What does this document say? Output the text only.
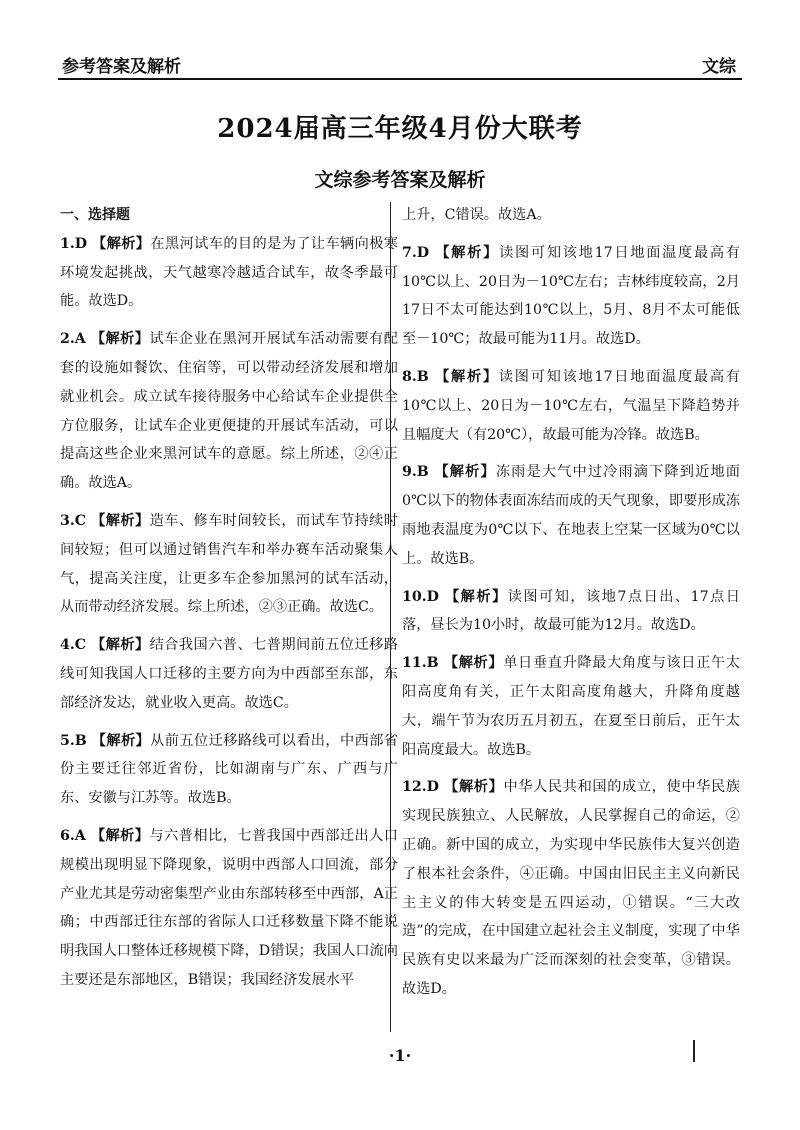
参考答案及解析	文综
2024届高三年级4月份大联考
文综参考答案及解析
一、选择题
1.D 【解析】在黑河试车的目的是为了让车辆向极寒环境发起挑战，天气越寒冷越适合试车，故冬季最可能。故选D。
2.A 【解析】试车企业在黑河开展试车活动需要有配套的设施如餐饮、住宿等，可以带动经济发展和增加就业机会。成立试车接待服务中心给试车企业提供全方位服务，让试车企业更便捷的开展试车活动，可以提高这些企业来黑河试车的意愿。综上所述，②④正确。故选A。
3.C 【解析】造车、修车时间较长，而试车节持续时间较短；但可以通过销售汽车和举办赛车活动聚集人气，提高关注度，让更多车企参加黑河的试车活动，从而带动经济发展。综上所述，②③正确。故选C。
4.C 【解析】结合我国六普、七普期间前五位迁移路线可知我国人口迁移的主要方向为中西部至东部，东部经济发达，就业收入更高。故选C。
5.B 【解析】从前五位迁移路线可以看出，中西部省份主要迁往邻近省份，比如湖南与广东、广西与广东、安徽与江苏等。故选B。
6.A 【解析】与六普相比，七普我国中西部迁出人口规模出现明显下降现象，说明中西部人口回流，部分产业尤其是劳动密集型产业由东部转移至中西部，A正确；中西部迁往东部的省际人口迁移数量下降不能说明我国人口整体迁移规模下降，D错误；我国人口流向主要还是东部地区，B错误；我国经济发展水平
上升，C错误。故选A。
7.D 【解析】读图可知该地17日地面温度最高有10℃以上、20日为－10℃左右；吉林纬度较高，2月17日不太可能达到10℃以上，5月、8月不太可能低至－10℃；故最可能为11月。故选D。
8.B 【解析】读图可知该地17日地面温度最高有10℃以上、20日为－10℃左右，气温呈下降趋势并且幅度大（有20℃），故最可能为冷锋。故选B。
9.B 【解析】冻雨是大气中过冷雨滴下降到近地面0℃以下的物体表面冻结而成的天气现象，即要形成冻雨地表温度为0℃以下、在地表上空某一区域为0℃以上。故选B。
10.D 【解析】读图可知，该地7点日出、17点日落，昼长为10小时，故最可能为12月。故选D。
11.B 【解析】单日垂直升降最大角度与该日正午太阳高度角有关，正午太阳高度角越大，升降角度越大，端午节为农历五月初五，在夏至日前后，正午太阳高度最大。故选B。
12.D 【解析】中华人民共和国的成立，使中华民族实现民族独立、人民解放，人民掌握自己的命运，②正确。新中国的成立，为实现中华民族伟大复兴创造了根本社会条件，④正确。中国由旧民主主义向新民主主义的伟大转变是五四运动，①错误。“三大改造”的完成，在中国建立起社会主义制度，实现了中华民族有史以来最为广泛而深刻的社会变革，③错误。故选D。
·1·
